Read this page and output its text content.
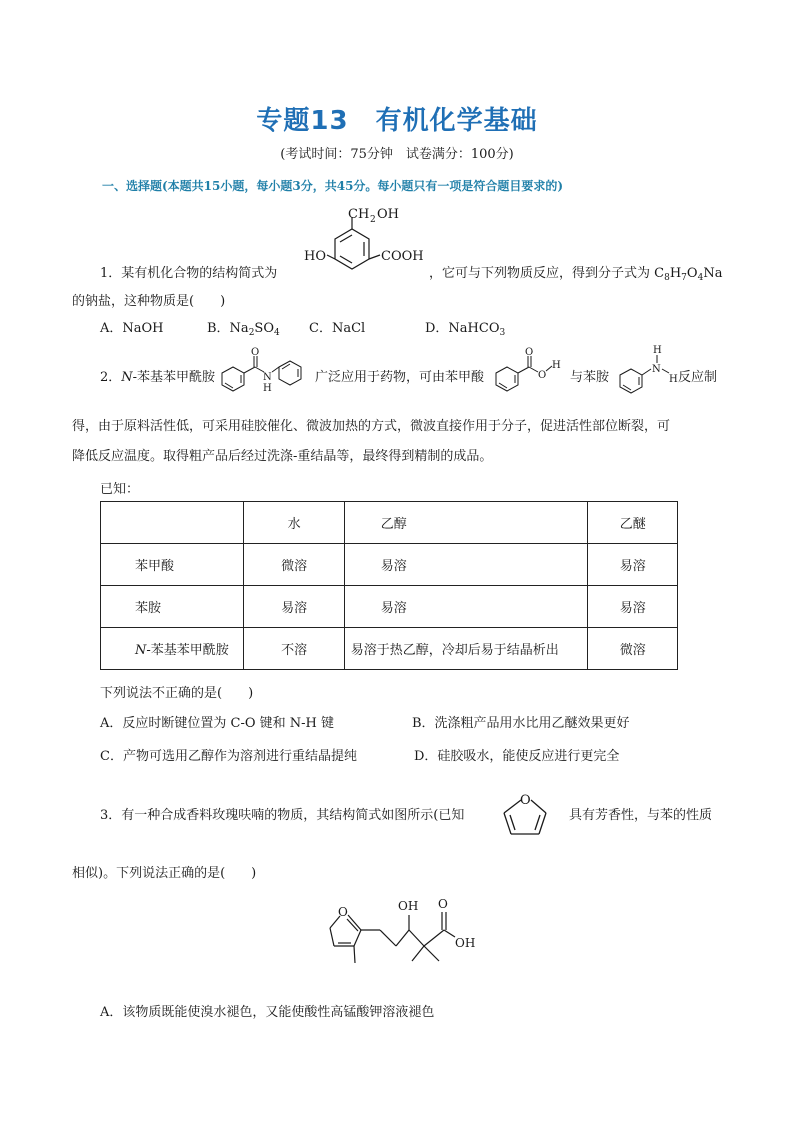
专题13　有机化学基础
(考试时间：75分钟　试卷满分：100分)
一、选择题(本题共15小题，每小题3分，共45分。每小题只有一项是符合题目要求的)
CH 2 OH
HO	COOH
1．某有机化合物的结构简式为	，它可与下列物质反应，得到分子式为 $C_8H_7O_4Na$
的钠盐，这种物质是(　　)
A．NaOH	B．$Na_2SO_4$ C．NaCl	D．NaHCO$_3$
2．N-苯基苯甲酰胺
O
N
H
广泛应用于药物，可由苯甲酸
O
O
H
与苯胺
H
N
H 反应制
得，由于原料活性低，可采用硅胶催化、微波加热的方式，微波直接作用于分子，促进活性部位断裂，可
降低反应温度。取得粗产品后经过洗涤-重结晶等，最终得到精制的成品。
已知：
	水	乙醇	乙醚
苯甲酸	微溶	易溶	易溶
苯胺	易溶	易溶	易溶
N-苯基苯甲酰胺	不溶	易溶于热乙醇，冷却后易于结晶析出	微溶
下列说法不正确的是(　　)
A．反应时断键位置为 C-O 键和 N-H 键	B．洗涤粗产品用水比用乙醚效果更好
C．产物可选用乙醇作为溶剂进行重结晶提纯	D．硅胶吸水，能使反应进行更完全
3．有一种合成香料玫瑰呋喃的物质，其结构简式如图所示(已知
O
具有芳香性，与苯的性质
相似)。下列说法正确的是(　　)
O	OH O
OH
A．该物质既能使溴水褪色，又能使酸性高锰酸钾溶液褪色
